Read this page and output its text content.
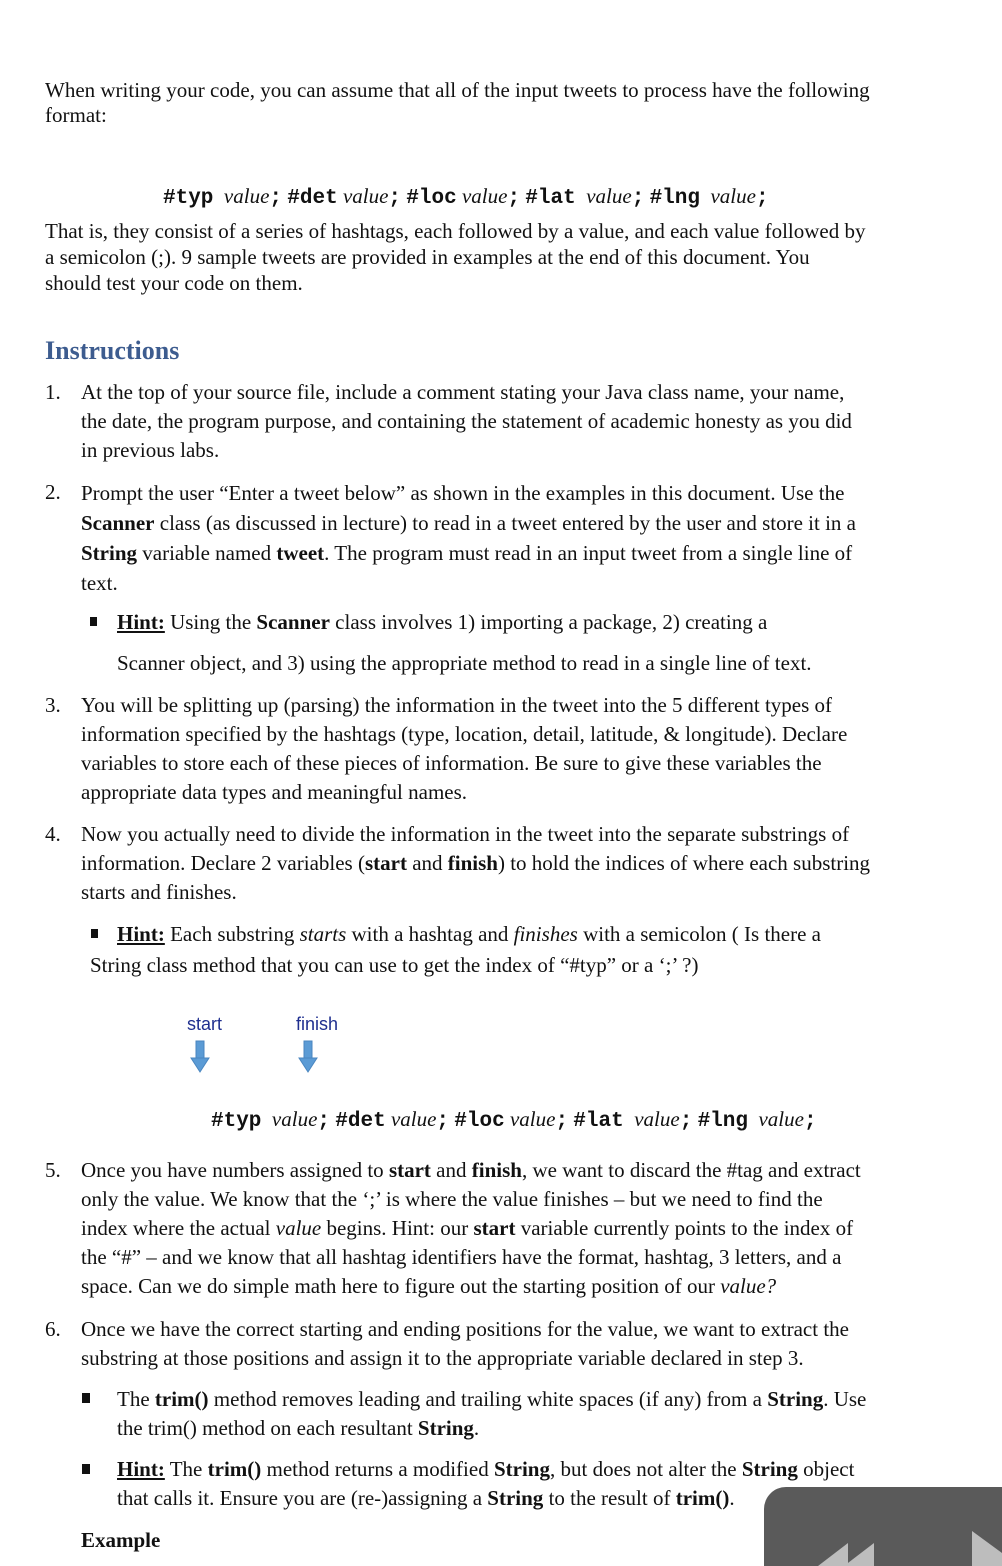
When writing your code, you can assume that all of the input tweets to process have the following
format:

#typ value; #det value; #loc value; #lat value; #lng value;

That is, they consist of a series of hashtags, each followed by a value, and each value followed by
a semicolon (;). 9 sample tweets are provided in examples at the end of this document. You
should test your code on them.
Instructions
1. At the top of your source file, include a comment stating your Java class name, your name,
the date, the program purpose, and containing the statement of academic honesty as you did
in previous labs.
2. Prompt the user “Enter a tweet below” as shown in the examples in this document. Use the
Scanner class (as discussed in lecture) to read in a tweet entered by the user and store it in a
String variable named tweet. The program must read in an input tweet from a single line of
text.
Hint: Using the Scanner class involves 1) importing a package, 2) creating a
Scanner object, and 3) using the appropriate method to read in a single line of text.
3. You will be splitting up (parsing) the information in the tweet into the 5 different types of
information specified by the hashtags (type, location, detail, latitude, & longitude). Declare
variables to store each of these pieces of information. Be sure to give these variables the
appropriate data types and meaningful names.
4. Now you actually need to divide the information in the tweet into the separate substrings of
information. Declare 2 variables (start and finish) to hold the indices of where each substring
starts and finishes.
Hint: Each substring starts with a hashtag and finishes with a semicolon ( Is there a
String class method that you can use to get the index of “#typ” or a ‘;’ ?)
start	finish

#typ value; #det value; #loc value; #lat value; #lng value;

5. Once you have numbers assigned to start and finish, we want to discard the #tag and extract
only the value. We know that the ‘;’ is where the value finishes – but we need to find the
index where the actual value begins. Hint: our start variable currently points to the index of
the “#” – and we know that all hashtag identifiers have the format, hashtag, 3 letters, and a
space. Can we do simple math here to figure out the starting position of our value?
6. Once we have the correct starting and ending positions for the value, we want to extract the
substring at those positions and assign it to the appropriate variable declared in step 3.
The trim() method removes leading and trailing white spaces (if any) from a String. Use
the trim() method on each resultant String.
Hint: The trim() method returns a modified String, but does not alter the String object
that calls it. Ensure you are (re-)assigning a String to the result of trim().
Example
